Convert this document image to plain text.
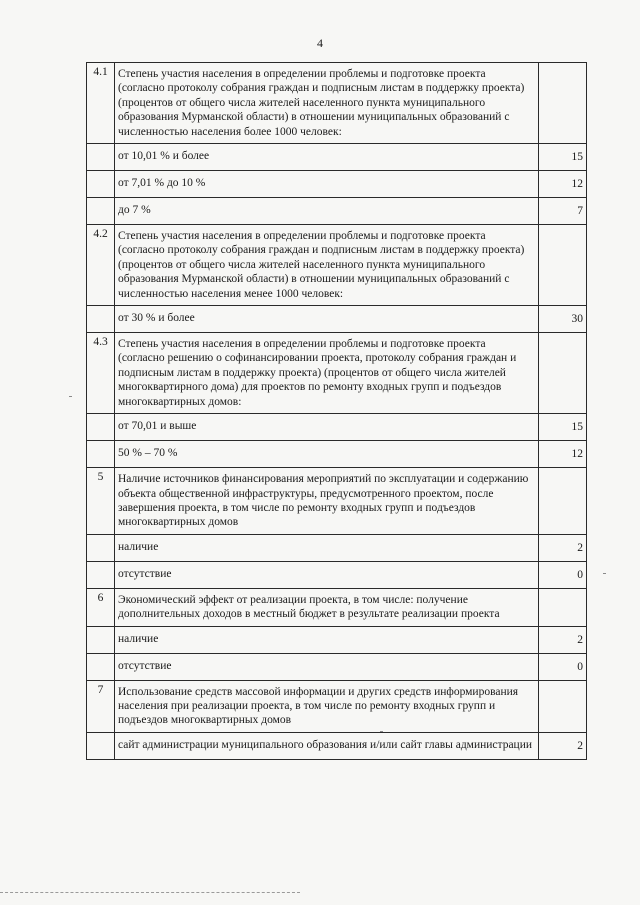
4
4.1	Степень участия населения в определении проблемы и подготовке проекта (согласно протоколу собрания граждан и подписным листам в поддержку проекта) (процентов от общего числа жителей населенного пункта муниципального образования Мурманской области) в отношении муниципальных образований с численностью населения более 1000 человек:	
	от 10,01 % и более	15
	от 7,01 % до 10 %	12
	до 7 %	7
4.2	Степень участия населения в определении проблемы и подготовке проекта (согласно протоколу собрания граждан и подписным листам в поддержку проекта) (процентов от общего числа жителей населенного пункта муниципального образования Мурманской области) в отношении муниципальных образований с численностью населения менее 1000 человек:	
	от 30 % и более	30
4.3	Степень участия населения в определении проблемы и подготовке проекта (согласно решению о софинансировании проекта, протоколу собрания граждан и подписным листам в поддержку проекта) (процентов от общего числа жителей многоквартирного дома) для проектов по ремонту входных групп и подъездов многоквартирных домов:	
	от 70,01 и выше	15
	50 % – 70 %	12
5	Наличие источников финансирования мероприятий по эксплуатации и содержанию объекта общественной инфраструктуры, предусмотренного проектом, после завершения проекта, в том числе по ремонту входных групп и подъездов многоквартирных домов	
	наличие	2
	отсутствие	0
6	Экономический эффект от реализации проекта, в том числе: получение дополнительных доходов в местный бюджет в результате реализации проекта	
	наличие	2
	отсутствие	0
7	Использование средств массовой информации и других средств информирования населения при реализации проекта, в том числе по ремонту входных групп и подъездов многоквартирных домов	
	сайт администрации муниципального образования и/или сайт главы администрации	2
